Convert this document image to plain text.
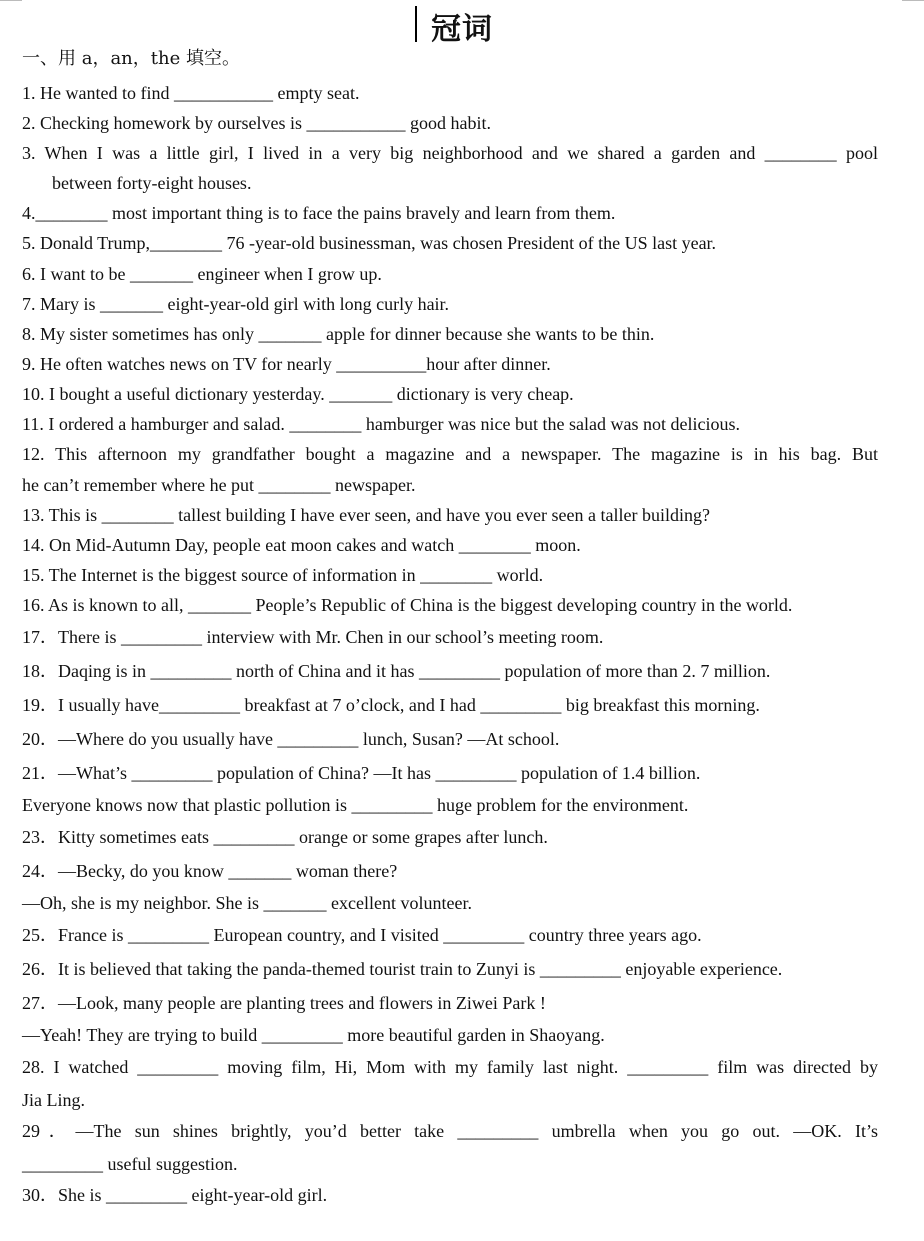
冠词
一、用 a，an，the 填空。
1. He wanted to find ___________ empty seat.
2. Checking homework by ourselves is ___________ good habit.
3. When I was a little girl, I lived in a very big neighborhood and we shared a garden and ________ pool
between forty-eight houses.
4.________ most important thing is to face the pains bravely and learn from them.
5. Donald Trump,________ 76 -year-old businessman, was chosen President of the US last year.
6. I want to be _______ engineer when I grow up.
7. Mary is _______ eight-year-old girl with long curly hair.
8. My sister sometimes has only _______ apple for dinner because she wants to be thin.
9. He often watches news on TV for nearly __________hour after dinner.
10. I bought a useful dictionary yesterday. _______ dictionary is very cheap.
11. I ordered a hamburger and salad. ________ hamburger was nice but the salad was not delicious.
12. This afternoon my grandfather bought a magazine and a newspaper. The magazine is in his bag. But
he can’t remember where he put ________ newspaper.
13. This is ________ tallest building I have ever seen, and have you ever seen a taller building?
14. On Mid-Autumn Day, people eat moon cakes and watch ________ moon.
15. The Internet is the biggest source of information in ________ world.
16. As is known to all, _______ People’s Republic of China is the biggest developing country in the world.
17．There is _________ interview with Mr. Chen in our school’s meeting room.
18．Daqing is in _________ north of China and it has _________ population of more than 2. 7 million.
19．I usually have_________ breakfast at 7 o’clock, and I had _________ big breakfast this morning.
20．—Where do you usually have _________ lunch, Susan? —At school.
21．—What’s _________ population of China? —It has _________ population of 1.4 billion.
Everyone knows now that plastic pollution is _________ huge problem for the environment.
23．Kitty sometimes eats _________ orange or some grapes after lunch.
24．—Becky, do you know _______ woman there?
—Oh, she is my neighbor. She is _______ excellent volunteer.
25．France is _________ European country, and I visited _________ country three years ago.
26．It is believed that taking the panda-themed tourist train to Zunyi is _________ enjoyable experience.
27．—Look, many people are planting trees and flowers in Ziwei Park !
—Yeah! They are trying to build _________ more beautiful garden in Shaoyang.
28. I watched _________ moving film, Hi, Mom with my family last night. _________ film was directed by
Jia Ling.
29．—The sun shines brightly, you’d better take _________ umbrella when you go out. —OK. It’s
_________ useful suggestion.
30．She is _________ eight-year-old girl.
